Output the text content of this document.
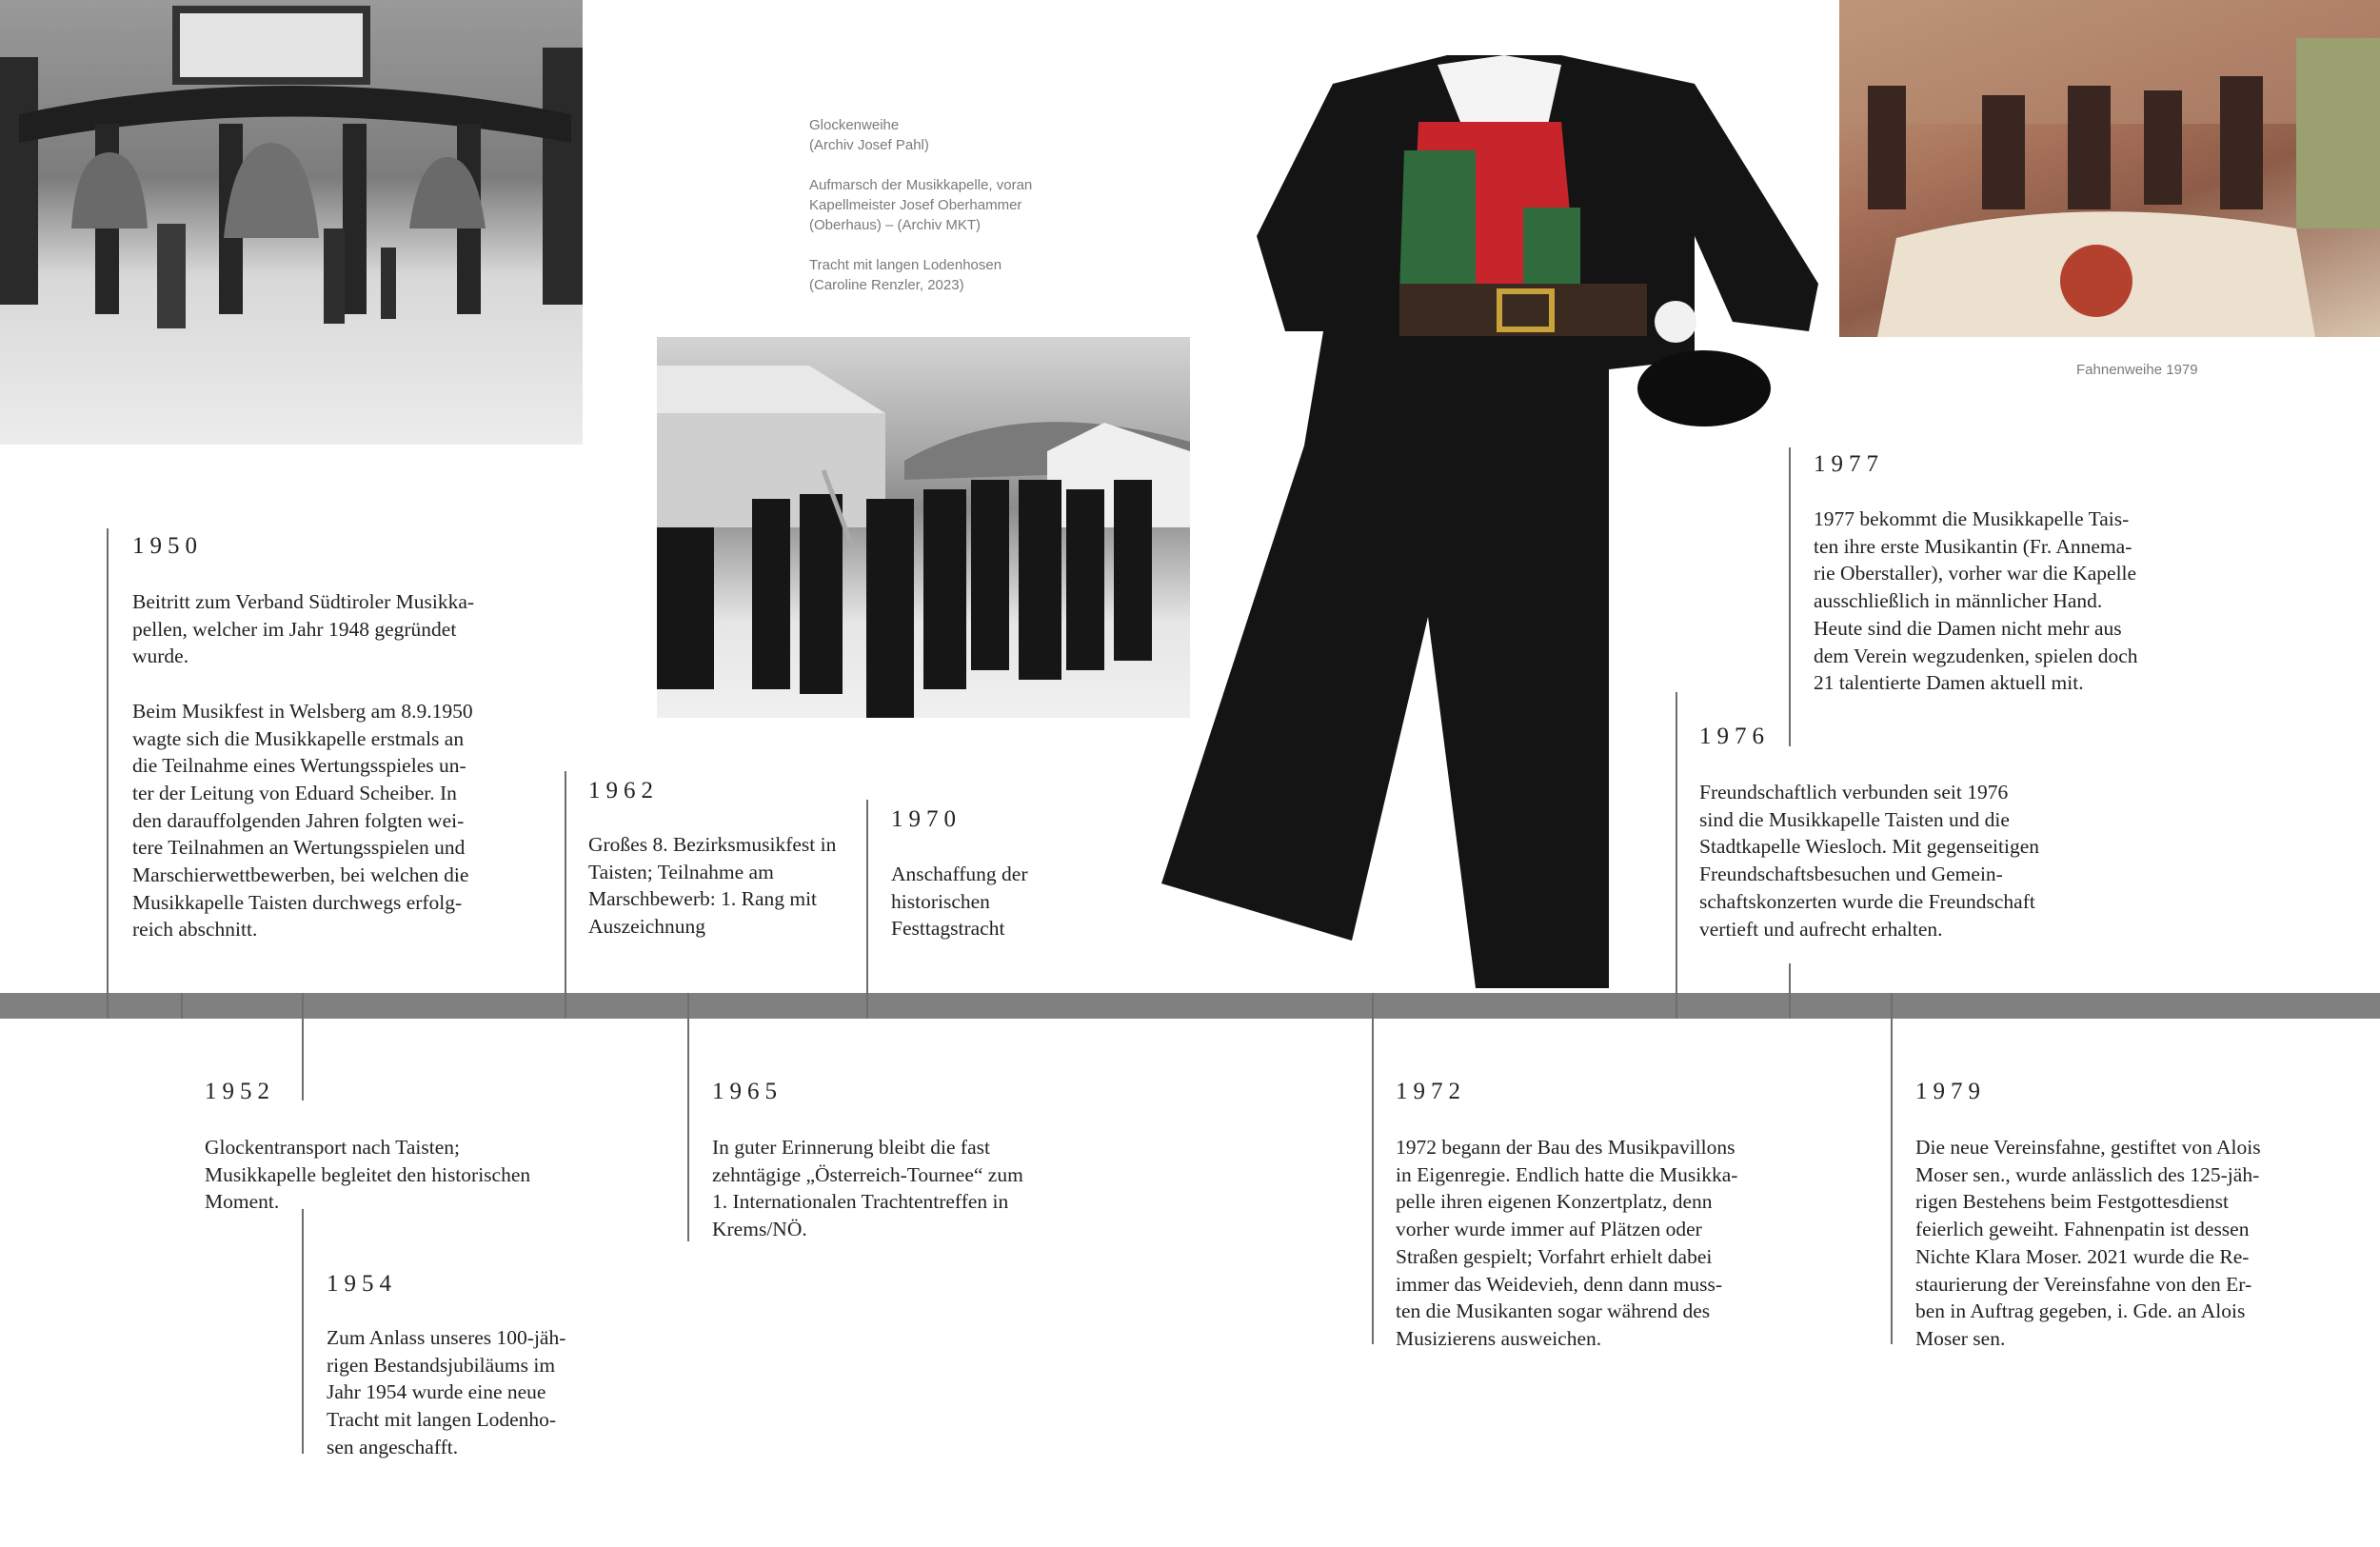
Glockenweihe
(Archiv Josef Pahl)
Aufmarsch der Musikkapelle, voran
Kapellmeister Josef Oberhammer
(Oberhaus) – (Archiv MKT)
Tracht mit langen Lodenhosen
(Caroline Renzler, 2023)
Fahnenweihe 1979
1950
Beitritt zum Verband Südtiroler Musikka-
pellen, welcher im Jahr 1948 gegründet
wurde.

Beim Musikfest in Welsberg am 8.9.1950
wagte sich die Musikkapelle erstmals an
die Teilnahme eines Wertungsspieles un-
ter der Leitung von Eduard Scheiber. In
den darauffolgenden Jahren folgten wei-
tere Teilnahmen an Wertungsspielen und
Marschierwettbewerben, bei welchen die
Musikkapelle Taisten durchwegs erfolg-
reich abschnitt.
1952
Glockentransport nach Taisten;
Musikkapelle begleitet den historischen
Moment.
1954
Zum Anlass unseres 100-jäh-
rigen Bestandsjubiläums im
Jahr 1954 wurde eine neue
Tracht mit langen Lodenho-
sen angeschafft.
1962
Großes 8. Bezirksmusikfest in
Taisten; Teilnahme am
Marschbewerb: 1. Rang mit
Auszeichnung
1965
In guter Erinnerung bleibt die fast
zehntägige „Österreich-Tournee“ zum
1. Internationalen Trachtentreffen in
Krems/NÖ.
1970
Anschaffung der
historischen
Festtagstracht
1972
1972 begann der Bau des Musikpavillons
in Eigenregie. Endlich hatte die Musikka-
pelle ihren eigenen Konzertplatz, denn
vorher wurde immer auf Plätzen oder
Straßen gespielt; Vorfahrt erhielt dabei
immer das Weidevieh, denn dann muss-
ten die Musikanten sogar während des
Musizierens ausweichen.
1976
Freundschaftlich verbunden seit 1976
sind die Musikkapelle Taisten und die
Stadtkapelle Wiesloch. Mit gegenseitigen
Freundschaftsbesuchen und Gemein-
schaftskonzerten wurde die Freundschaft
vertieft und aufrecht erhalten.
1977
1977 bekommt die Musikkapelle Tais-
ten ihre erste Musikantin (Fr. Annema-
rie Oberstaller), vorher war die Kapelle
ausschließlich in männlicher Hand.
Heute sind die Damen nicht mehr aus
dem Verein wegzudenken, spielen doch
21 talentierte Damen aktuell mit.
1979
Die neue Vereinsfahne, gestiftet von Alois
Moser sen., wurde anlässlich des 125-jäh-
rigen Bestehens beim Festgottesdienst
feierlich geweiht. Fahnenpatin ist dessen
Nichte Klara Moser. 2021 wurde die Re-
staurierung der Vereinsfahne von den Er-
ben in Auftrag gegeben, i. Gde. an Alois
Moser sen.
